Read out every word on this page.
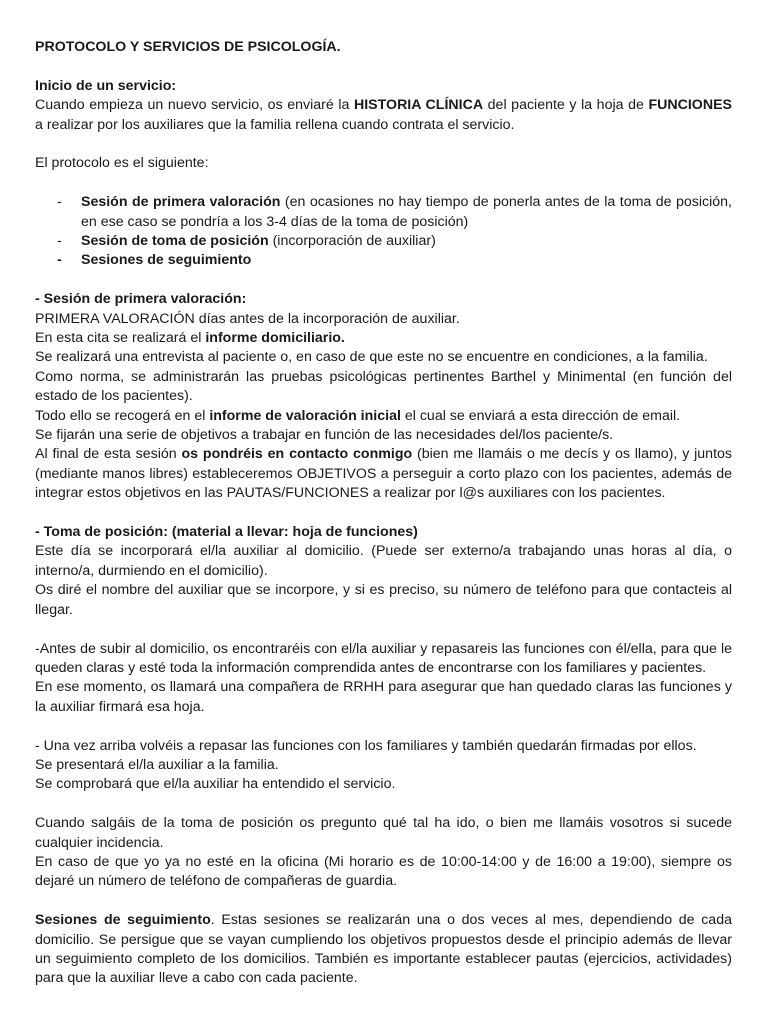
PROTOCOLO Y SERVICIOS DE PSICOLOGÍA.

Inicio de un servicio:

Cuando empieza un nuevo servicio, os enviaré la HISTORIA CLÍNICA del paciente y la hoja de FUNCIONES a realizar por los auxiliares que la familia rellena cuando contrata el servicio.

El protocolo es el siguiente:

- Sesión de primera valoración (en ocasiones no hay tiempo de ponerla antes de la toma de posición, en ese caso se pondría a los 3-4 días de la toma de posición)
- Sesión de toma de posición (incorporación de auxiliar)
- Sesiones de seguimiento

- Sesión de primera valoración:

PRIMERA VALORACIÓN días antes de la incorporación de auxiliar.

En esta cita se realizará el informe domiciliario.

Se realizará una entrevista al paciente o, en caso de que este no se encuentre en condiciones, a la familia.

Como norma, se administrarán las pruebas psicológicas pertinentes Barthel y Minimental (en función del estado de los pacientes).

Todo ello se recogerá en el informe de valoración inicial el cual se enviará a esta dirección de email.

Se fijarán una serie de objetivos a trabajar en función de las necesidades del/los paciente/s.

Al final de esta sesión os pondréis en contacto conmigo (bien me llamáis o me decís y os llamo), y juntos (mediante manos libres) estableceremos OBJETIVOS a perseguir a corto plazo con los pacientes, además de integrar estos objetivos en las PAUTAS/FUNCIONES a realizar por l@s auxiliares con los pacientes.

- Toma de posición: (material a llevar: hoja de funciones)

Este día se incorporará el/la auxiliar al domicilio. (Puede ser externo/a trabajando unas horas al día, o interno/a, durmiendo en el domicilio).

Os diré el nombre del auxiliar que se incorpore, y si es preciso, su número de teléfono para que contacteis al llegar.

-Antes de subir al domicilio, os encontraréis con el/la auxiliar y repasareis las funciones con él/ella, para que le queden claras y esté toda la información comprendida antes de encontrarse con los familiares y pacientes.

En ese momento, os llamará una compañera de RRHH para asegurar que han quedado claras las funciones y la auxiliar firmará esa hoja.

- Una vez arriba volvéis a repasar las funciones con los familiares y también quedarán firmadas por ellos.

Se presentará el/la auxiliar a la familia.

Se comprobará que el/la auxiliar ha entendido el servicio.

Cuando salgáis de la toma de posición os pregunto qué tal ha ido, o bien me llamáis vosotros si sucede cualquier incidencia.

En caso de que yo ya no esté en la oficina (Mi horario es de 10:00-14:00 y de 16:00 a 19:00), siempre os dejaré un número de teléfono de compañeras de guardia.

Sesiones de seguimiento. Estas sesiones se realizarán una o dos veces al mes, dependiendo de cada domicilio. Se persigue que se vayan cumpliendo los objetivos propuestos desde el principio además de llevar un seguimiento completo de los domicilios. También es importante establecer pautas (ejercicios, actividades) para que la auxiliar lleve a cabo con cada paciente.
